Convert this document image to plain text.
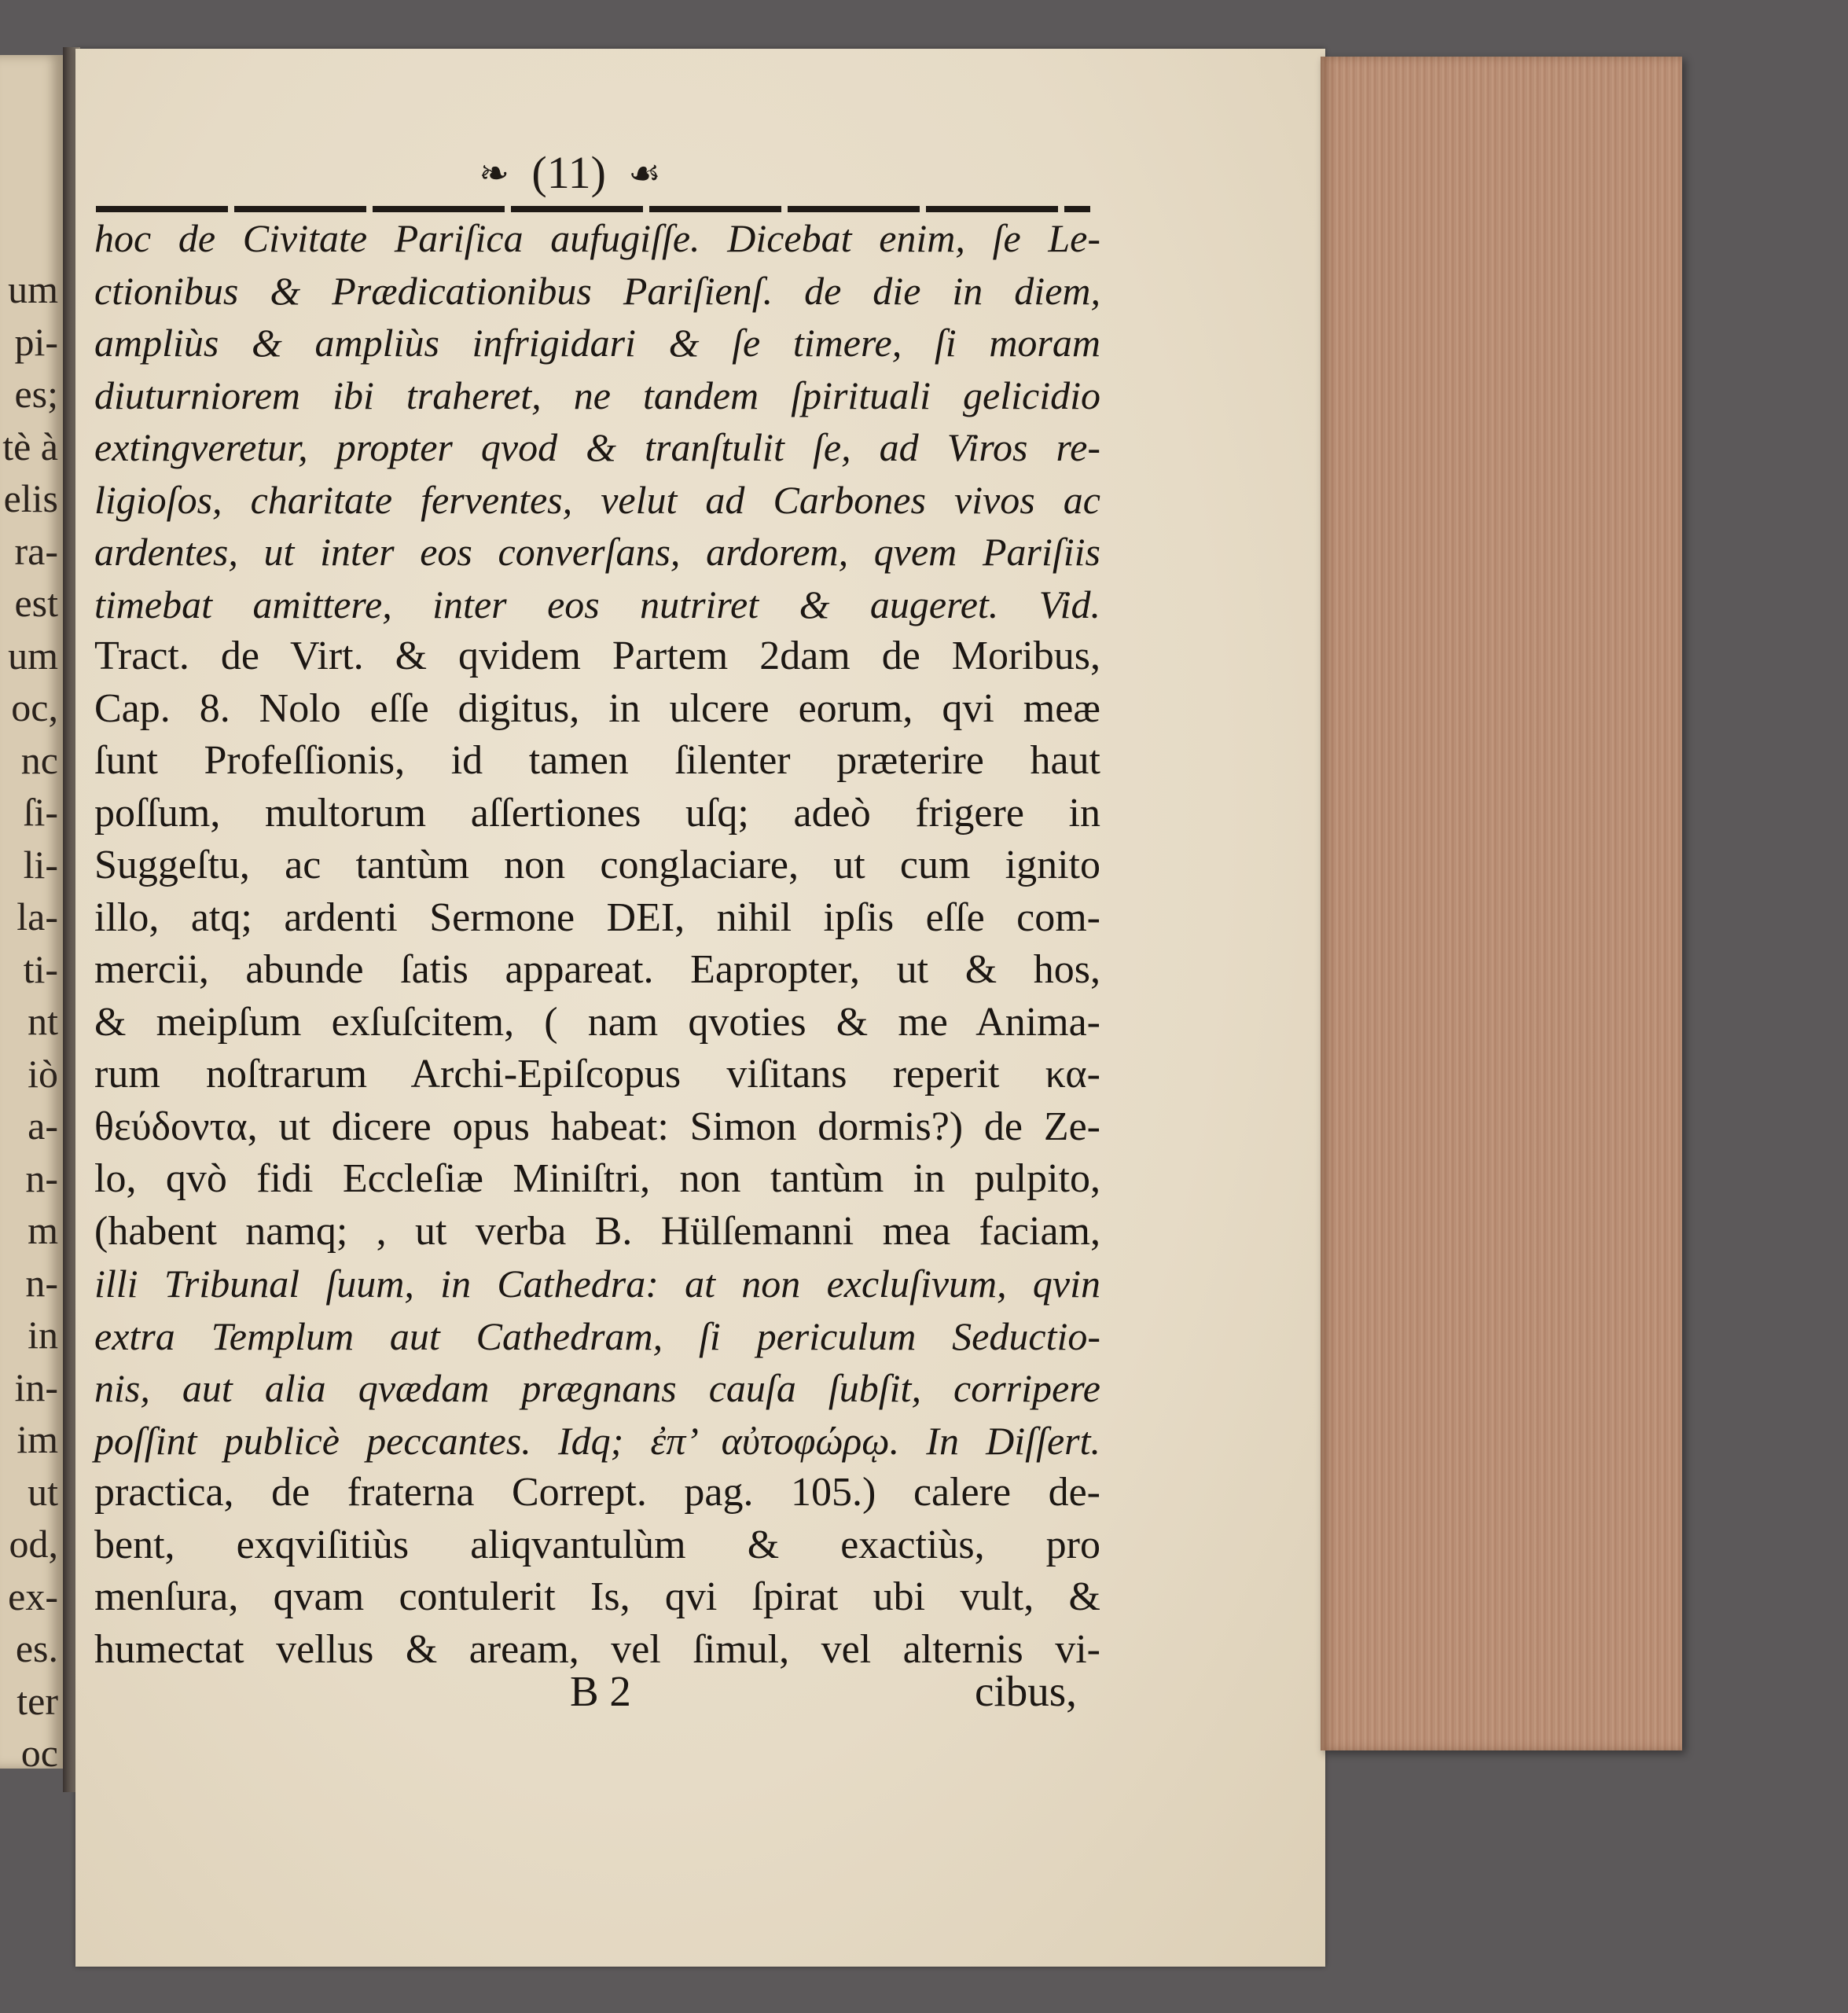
um
pi-
es;
tè à
elis
ra-
est
um
oc,
nc
ſi-
li-
la-
ti-
nt
iò
a-
n-
m
n-
in
in-
im
ut
od,
ex-
es.
ter
oc
❧ (11) ☙
hoc de Civitate Pariſica aufugiſſe. Dicebat enim, ſe Le-
ctionibus & Prædicationibus Pariſienſ. de die in diem,
ampliùs & ampliùs infrigidari & ſe timere, ſi moram
diuturniorem ibi traheret, ne tandem ſpirituali gelicidio
extingveretur, propter qvod & tranſtulit ſe, ad Viros re-
ligioſos, charitate ferventes, velut ad Carbones vivos ac
ardentes, ut inter eos converſans, ardorem, qvem Pariſiis
timebat amittere, inter eos nutriret & augeret. Vid.
Tract. de Virt. & qvidem Partem 2dam de Moribus,
Cap. 8. Nolo eſſe digitus, in ulcere eorum, qvi meæ
ſunt Profeſſionis, id tamen ſilenter præterire haut
poſſum, multorum aſſertiones uſq; adeò frigere in
Suggeſtu, ac tantùm non conglaciare, ut cum ignito
illo, atq; ardenti Sermone DEI, nihil ipſis eſſe com-
mercii, abunde ſatis appareat. Eapropter, ut & hos,
& meipſum exſuſcitem, ( nam qvoties & me Anima-
rum noſtrarum Archi-Epiſcopus viſitans reperit κα-
θεύδοντα, ut dicere opus habeat: Simon dormis?) de Ze-
lo, qvò fidi Eccleſiæ Miniſtri, non tantùm in pulpito,
(habent namq; , ut verba B. Hülſemanni mea faciam,
illi Tribunal ſuum, in Cathedra: at non excluſivum, qvin
extra Templum aut Cathedram, ſi periculum Seductio-
nis, aut alia qvædam prægnans cauſa ſubſit, corripere
poſſint publicè peccantes. Idq; ἐπ’ αὐτοφώρῳ. In Diſſert.
practica, de fraterna Corrept. pag. 105.) calere de-
bent, exqviſitiùs aliqvantulùm & exactiùs, pro
menſura, qvam contulerit Is, qvi ſpirat ubi vult, &
humectat vellus & aream, vel ſimul, vel alternis vi-
B 2	cibus,
